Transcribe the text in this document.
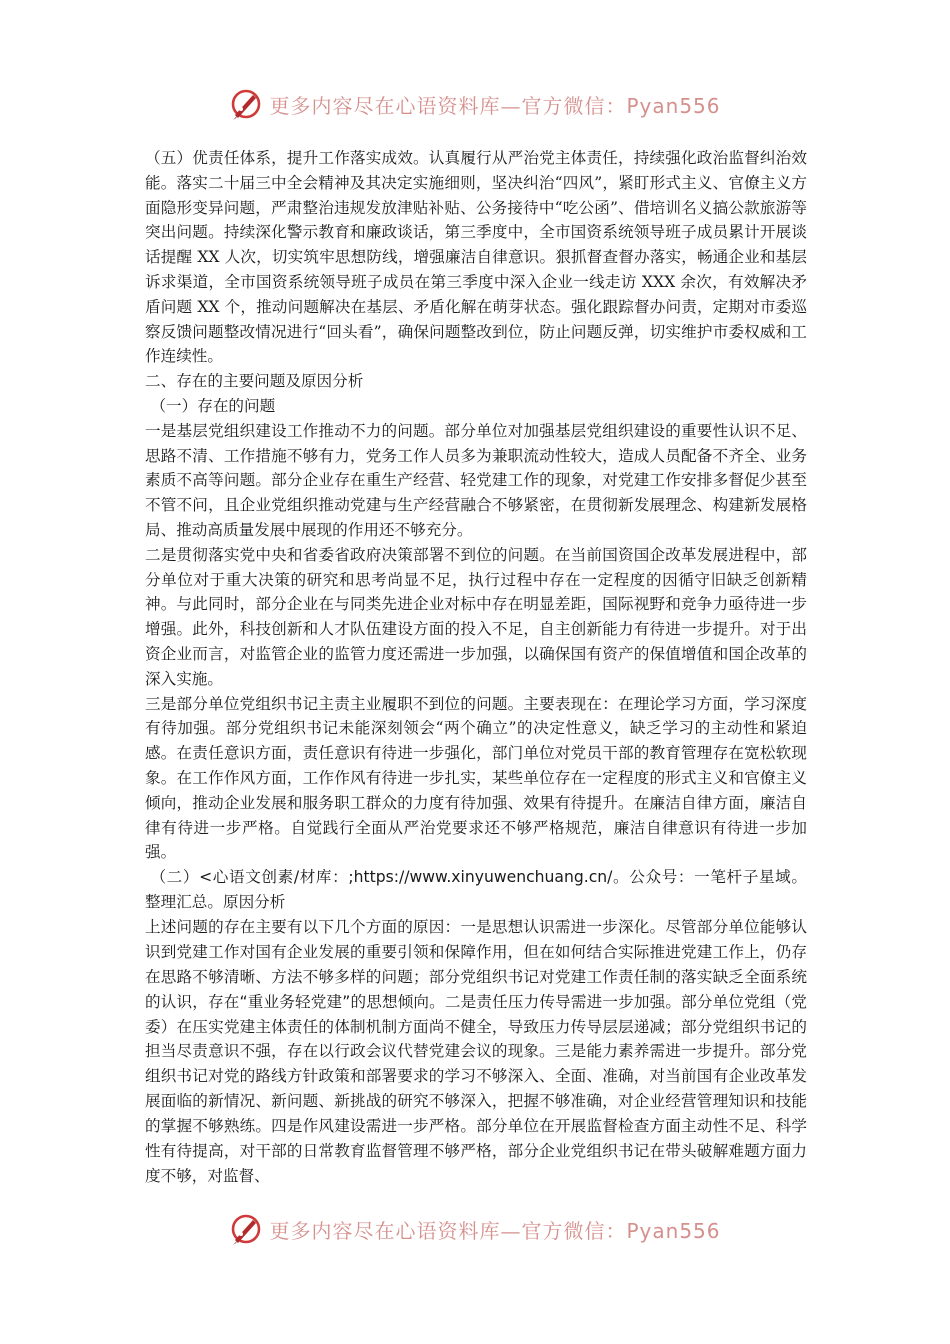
更多内容尽在心语资料库—官方微信：Pyan556

（五）优责任体系，提升工作落实成效。认真履行从严治党主体责任，持续强化政治监督纠治效能。落实二十届三中全会精神及其决定实施细则，坚决纠治“四风”，紧盯形式主义、官僚主义方面隐形变异问题，严肃整治违规发放津贴补贴、公务接待中“吃公函”、借培训名义搞公款旅游等突出问题。持续深化警示教育和廉政谈话，第三季度中，全市国资系统领导班子成员累计开展谈话提醒 XX 人次，切实筑牢思想防线，增强廉洁自律意识。狠抓督查督办落实，畅通企业和基层诉求渠道，全市国资系统领导班子成员在第三季度中深入企业一线走访 XXX 余次，有效解决矛盾问题 XX 个，推动问题解决在基层、矛盾化解在萌芽状态。强化跟踪督办问责，定期对市委巡察反馈问题整改情况进行“回头看”，确保问题整改到位，防止问题反弹，切实维护市委权威和工作连续性。

二、存在的主要问题及原因分析

（一）存在的问题

一是基层党组织建设工作推动不力的问题。部分单位对加强基层党组织建设的重要性认识不足、思路不清、工作措施不够有力，党务工作人员多为兼职流动性较大，造成人员配备不齐全、业务素质不高等问题。部分企业存在重生产经营、轻党建工作的现象，对党建工作安排多督促少甚至不管不问，且企业党组织推动党建与生产经营融合不够紧密，在贯彻新发展理念、构建新发展格局、推动高质量发展中展现的作用还不够充分。

二是贯彻落实党中央和省委省政府决策部署不到位的问题。在当前国资国企改革发展进程中，部分单位对于重大决策的研究和思考尚显不足，执行过程中存在一定程度的因循守旧缺乏创新精神。与此同时，部分企业在与同类先进企业对标中存在明显差距，国际视野和竞争力亟待进一步增强。此外，科技创新和人才队伍建设方面的投入不足，自主创新能力有待进一步提升。对于出资企业而言，对监管企业的监管力度还需进一步加强，以确保国有资产的保值增值和国企改革的深入实施。

三是部分单位党组织书记主责主业履职不到位的问题。主要表现在：在理论学习方面，学习深度有待加强。部分党组织书记未能深刻领会“两个确立”的决定性意义，缺乏学习的主动性和紧迫感。在责任意识方面，责任意识有待进一步强化，部门单位对党员干部的教育管理存在宽松软现象。在工作作风方面，工作作风有待进一步扎实，某些单位存在一定程度的形式主义和官僚主义倾向，推动企业发展和服务职工群众的力度有待加强、效果有待提升。在廉洁自律方面，廉洁自律有待进一步严格。自觉践行全面从严治党要求还不够严格规范，廉洁自律意识有待进一步加强。

（二）<心语文创素/材库：;https://www.xinyuwenchuang.cn/。公众号：一笔杆子星域。整理汇总。原因分析

上述问题的存在主要有以下几个方面的原因：一是思想认识需进一步深化。尽管部分单位能够认识到党建工作对国有企业发展的重要引领和保障作用，但在如何结合实际推进党建工作上，仍存在思路不够清晰、方法不够多样的问题；部分党组织书记对党建工作责任制的落实缺乏全面系统的认识，存在“重业务轻党建”的思想倾向。二是责任压力传导需进一步加强。部分单位党组（党委）在压实党建主体责任的体制机制方面尚不健全，导致压力传导层层递减；部分党组织书记的担当尽责意识不强，存在以行政会议代替党建会议的现象。三是能力素养需进一步提升。部分党组织书记对党的路线方针政策和部署要求的学习不够深入、全面、准确，对当前国有企业改革发展面临的新情况、新问题、新挑战的研究不够深入，把握不够准确，对企业经营管理知识和技能的掌握不够熟练。四是作风建设需进一步严格。部分单位在开展监督检查方面主动性不足、科学性有待提高，对干部的日常教育监督管理不够严格，部分企业党组织书记在带头破解难题方面力度不够，对监督、

更多内容尽在心语资料库—官方微信：Pyan556
